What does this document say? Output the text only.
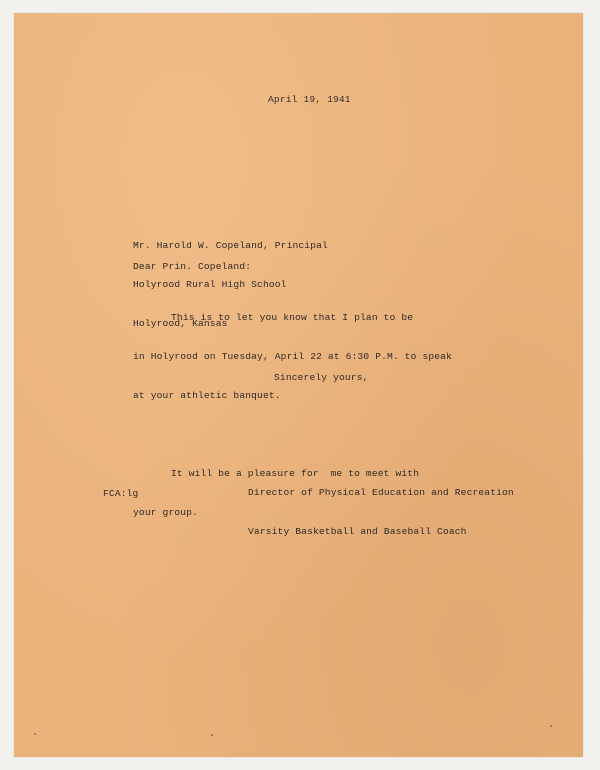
April 19, 1941

Mr. Harold W. Copeland, Principal

Holyrood Rural High School

Holyrood, Kansas

Dear Prin. Copeland:

This is to let you know that I plan to be

in Holyrood on Tuesday, April 22 at 6:30 P.M. to speak

at your athletic banquet.

It will be a pleasure for  me to meet with

your group.

Sincerely yours,

Director of Physical Education and Recreation

Varsity Basketball and Baseball Coach

FCA:lg
